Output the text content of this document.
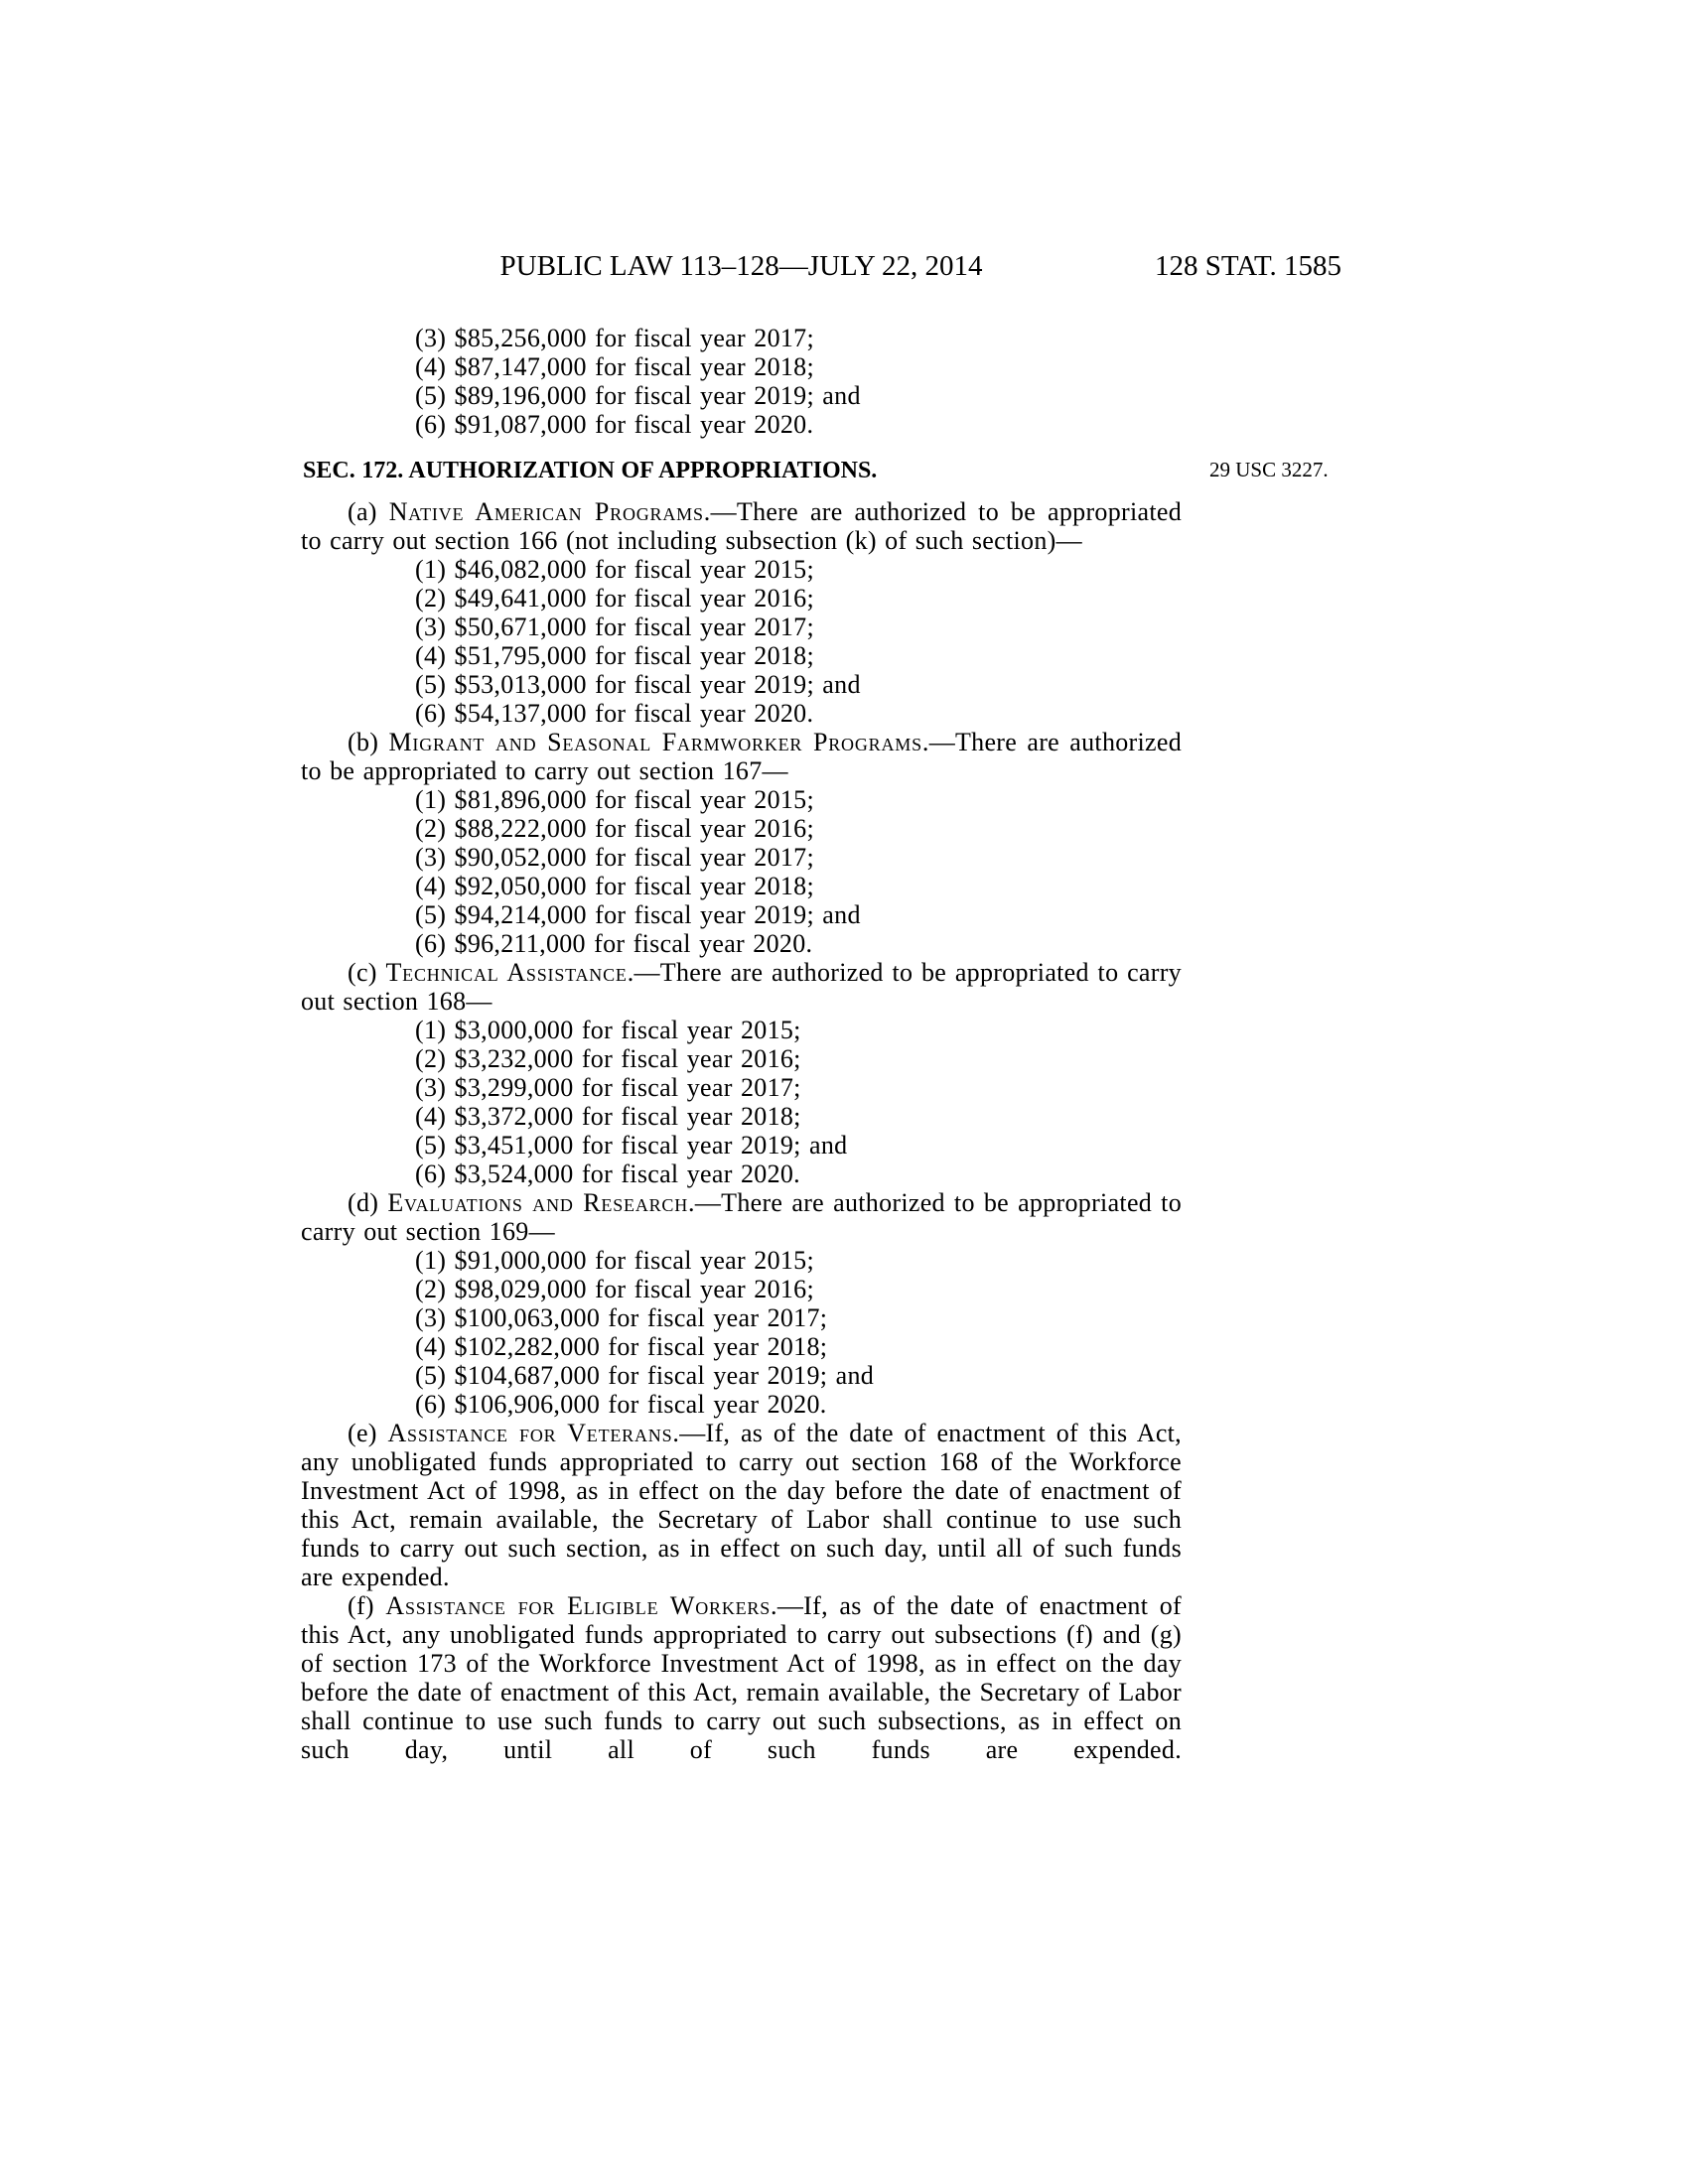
PUBLIC LAW 113–128—JULY 22, 2014	128 STAT. 1585
29 USC 3227.
(3) $85,256,000 for fiscal year 2017;
(4) $87,147,000 for fiscal year 2018;
(5) $89,196,000 for fiscal year 2019; and
(6) $91,087,000 for fiscal year 2020.
SEC. 172. AUTHORIZATION OF APPROPRIATIONS.

(a) Native American Programs.—There are authorized to be appropriated to carry out section 166 (not including subsection (k) of such section)—

(1) $46,082,000 for fiscal year 2015;
(2) $49,641,000 for fiscal year 2016;
(3) $50,671,000 for fiscal year 2017;
(4) $51,795,000 for fiscal year 2018;
(5) $53,013,000 for fiscal year 2019; and
(6) $54,137,000 for fiscal year 2020.

(b) Migrant and Seasonal Farmworker Programs.—There are authorized to be appropriated to carry out section 167—

(1) $81,896,000 for fiscal year 2015;
(2) $88,222,000 for fiscal year 2016;
(3) $90,052,000 for fiscal year 2017;
(4) $92,050,000 for fiscal year 2018;
(5) $94,214,000 for fiscal year 2019; and
(6) $96,211,000 for fiscal year 2020.

(c) Technical Assistance.—There are authorized to be appropriated to carry out section 168—

(1) $3,000,000 for fiscal year 2015;
(2) $3,232,000 for fiscal year 2016;
(3) $3,299,000 for fiscal year 2017;
(4) $3,372,000 for fiscal year 2018;
(5) $3,451,000 for fiscal year 2019; and
(6) $3,524,000 for fiscal year 2020.

(d) Evaluations and Research.—There are authorized to be appropriated to carry out section 169—

(1) $91,000,000 for fiscal year 2015;
(2) $98,029,000 for fiscal year 2016;
(3) $100,063,000 for fiscal year 2017;
(4) $102,282,000 for fiscal year 2018;
(5) $104,687,000 for fiscal year 2019; and
(6) $106,906,000 for fiscal year 2020.

(e) Assistance for Veterans.—If, as of the date of enactment of this Act, any unobligated funds appropriated to carry out section 168 of the Workforce Investment Act of 1998, as in effect on the day before the date of enactment of this Act, remain available, the Secretary of Labor shall continue to use such funds to carry out such section, as in effect on such day, until all of such funds are expended.

(f) Assistance for Eligible Workers.—If, as of the date of enactment of this Act, any unobligated funds appropriated to carry out subsections (f) and (g) of section 173 of the Workforce Investment Act of 1998, as in effect on the day before the date of enactment of this Act, remain available, the Secretary of Labor shall continue to use such funds to carry out such subsections, as in effect on such day, until all of such funds are expended.
